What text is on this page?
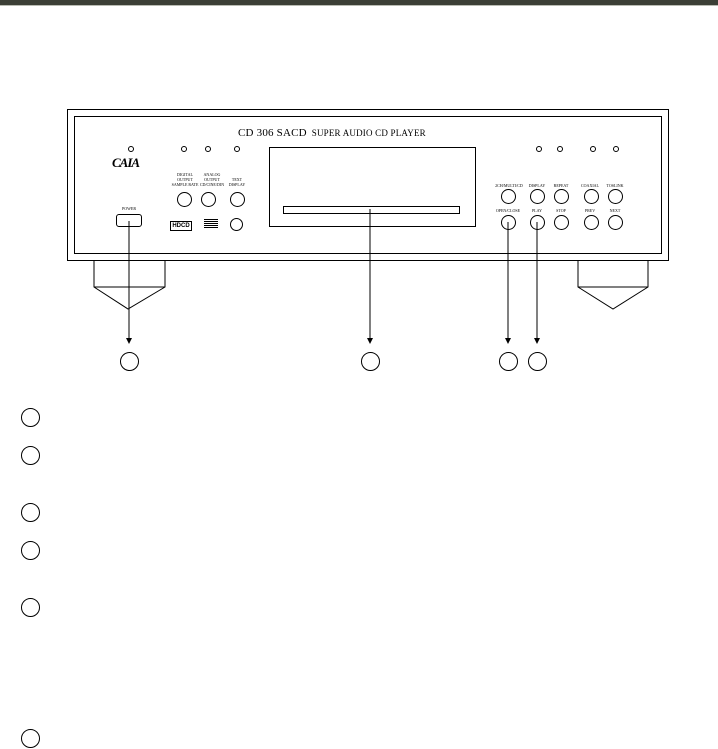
CD 306 SACD SUPER AUDIO CD PLAYER
CAIA
DIGITAL OUTPUT SAMPLE RATE
ANALOG OUTPUT CD/CINE/DIN
TEXT DISPLAY
HDCD
POWER
2CH/MULTI/CD	DISPLAY	REPEAT	COAXIAL	TOSLINK
OPEN/CLOSE	PLAY	STOP	PREV	NEXT
